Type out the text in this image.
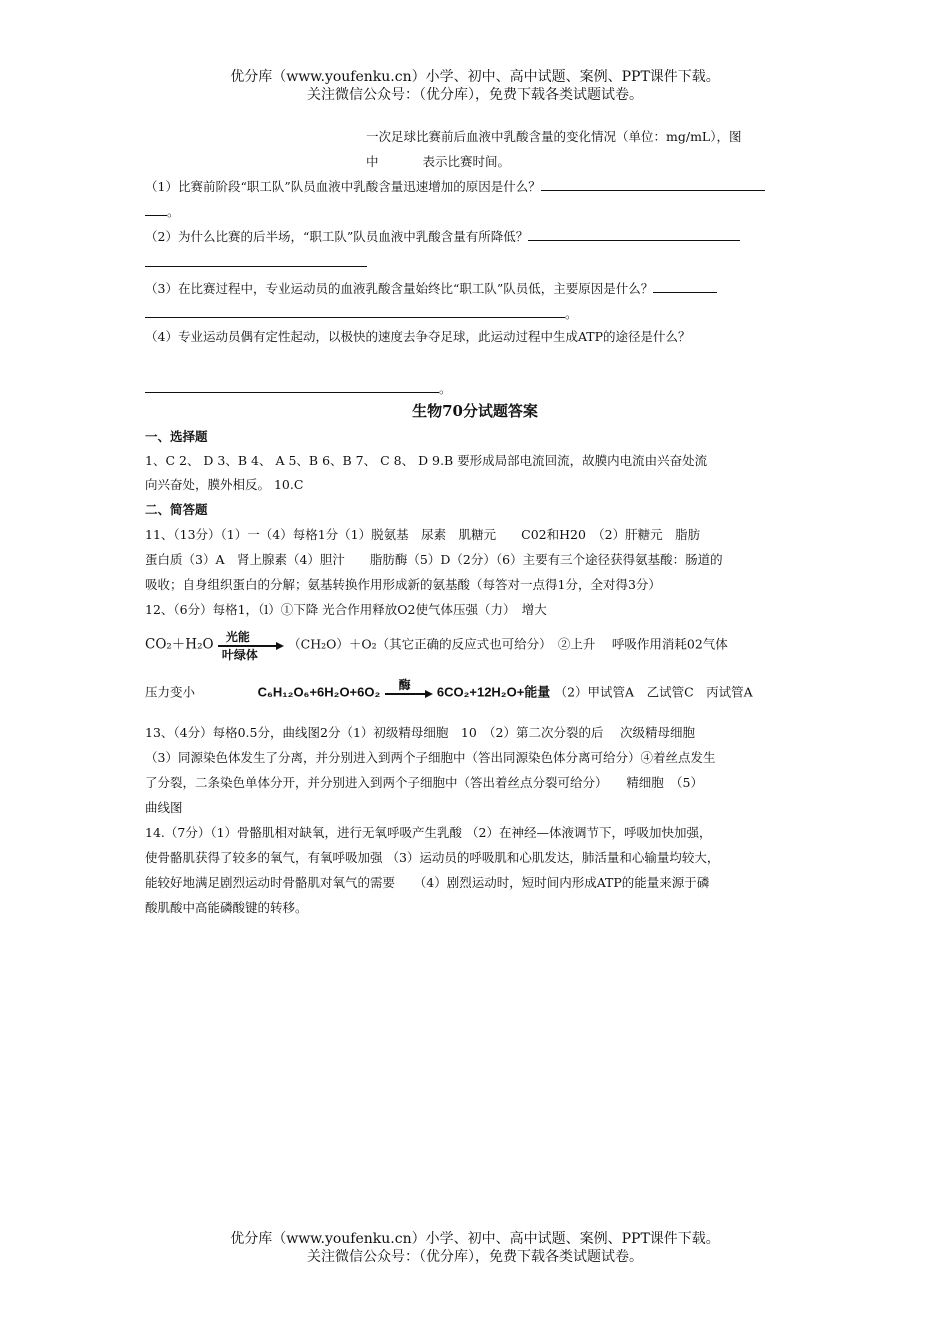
优分库（www.youfenku.cn）小学、初中、高中试题、案例、PPT课件下载。
关注微信公众号：（优分库），免费下载各类试题试卷。
一次足球比赛前后血液中乳酸含量的变化情况（单位：mg/mL），图
中	表示比赛时间。
（1）比赛前阶段“职工队”队员血液中乳酸含量迅速增加的原因是什么？
。
（2）为什么比赛的后半场，“职工队”队员血液中乳酸含量有所降低？
（3）在比赛过程中，专业运动员的血液乳酸含量始终比“职工队”队员低，主要原因是什么？
。
（4）专业运动员偶有定性起动，以极快的速度去争夺足球，此运动过程中生成ATP的途径是什么？
。
生物70分试题答案
一、选择题
1、C 2、 D 3、B 4、 A 5、B 6、B 7、 C 8、 D 9.B 要形成局部电流回流，故膜内电流由兴奋处流
向兴奋处，膜外相反。 10.C
二、简答题
11、（13分）（1）一（4）每格1分（1）脱氨基　尿素　肌糖元　　C02和H20　（2）肝糖元　脂肪
蛋白质（3）A　肾上腺素（4）胆汁　　脂肪酶（5）D（2分）（6）主要有三个途径获得氨基酸：肠道的
吸收；自身组织蛋白的分解；氨基转换作用形成新的氨基酸（每答对一点得1分，全对得3分）
12、（6分）每格1，（l）①下降 光合作用释放O2使气体压强（力）　增大
CO₂＋H₂O 光能
叶绿体
（CH₂O）＋O₂（其它正确的反应式也可给分）　②上升　 呼吸作用消耗02气体
压力变小	C₆H₁₂O₆+6H₂O+6O₂ 酶 6CO₂+12H₂O+能量 （2）甲试管A　乙试管C　丙试管A
13、（4分）每格0.5分，曲线图2分（1）初级精母细胞　10　（2）第二次分裂的后　 次级精母细胞
（3）同源染色体发生了分离，并分别进入到两个子细胞中（答出同源染色体分离可给分）④着丝点发生
了分裂，二条染色单体分开，并分别进入到两个子细胞中（答出着丝点分裂可给分）　　精细胞　（5）
曲线图
14.（7分）（1）骨骼肌相对缺氧，进行无氧呼吸产生乳酸 （2）在神经—体液调节下，呼吸加快加强，
使骨骼肌获得了较多的氧气，有氧呼吸加强 （3）运动员的呼吸肌和心肌发达，肺活量和心输量均较大，
能较好地满足剧烈运动时骨骼肌对氧气的需要　　（4）剧烈运动时，短时间内形成ATP的能量来源于磷
酸肌酸中高能磷酸键的转移。
优分库（www.youfenku.cn）小学、初中、高中试题、案例、PPT课件下载。
关注微信公众号：（优分库），免费下载各类试题试卷。
